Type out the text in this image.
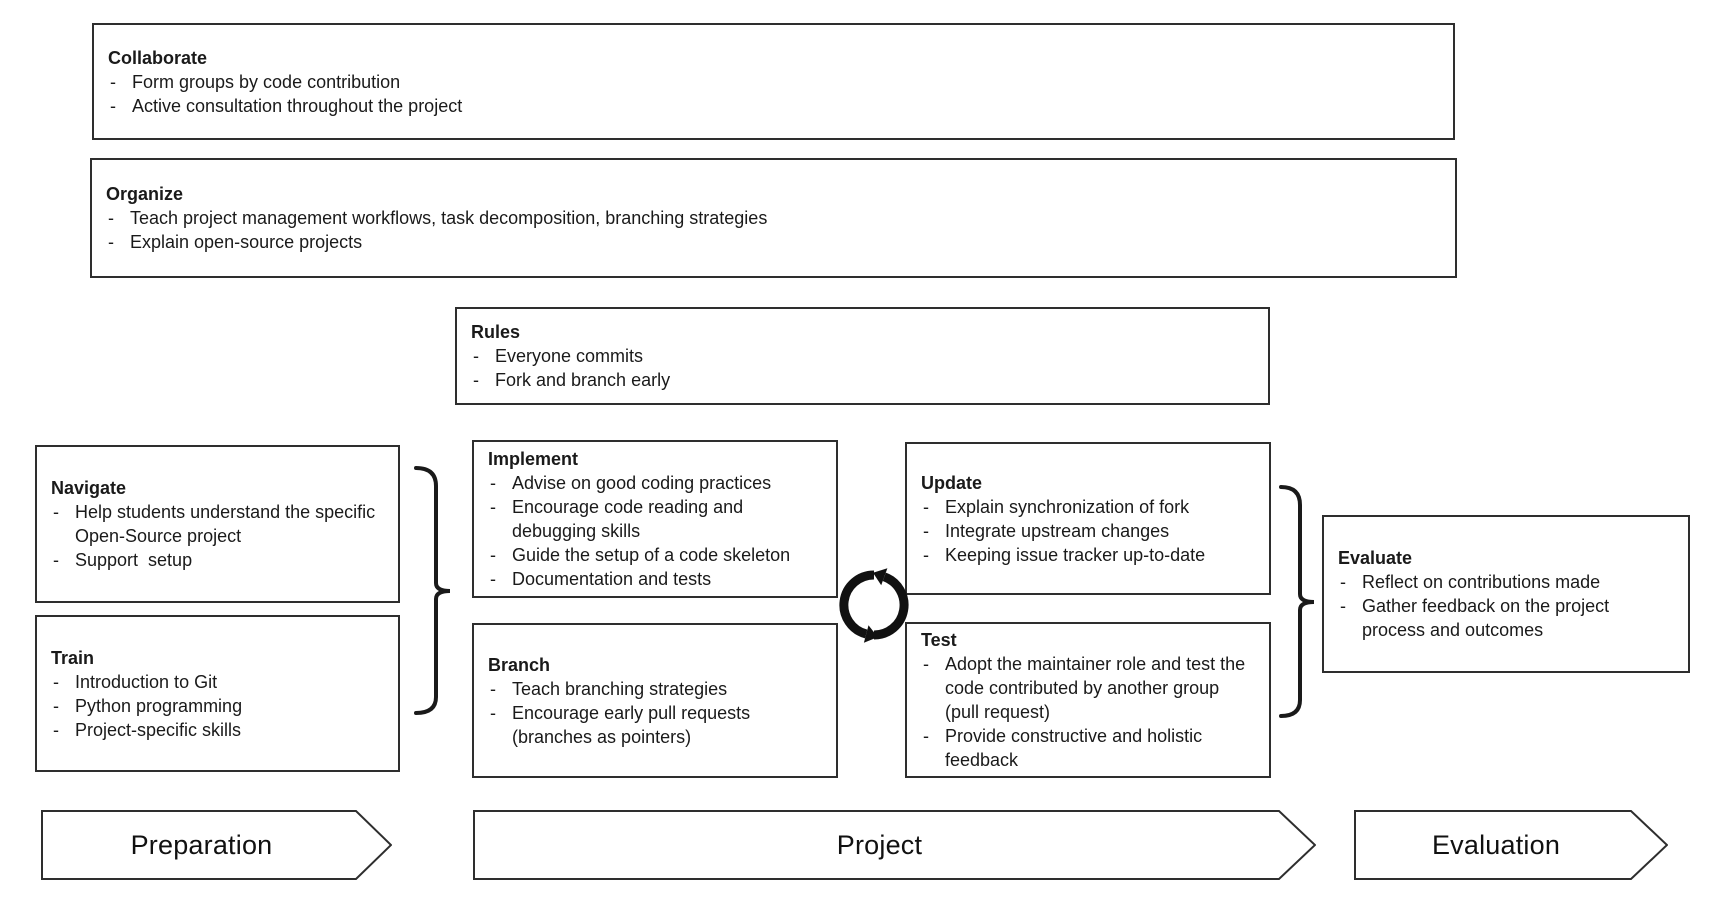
Collaborate
- Form groups by code contribution
- Active consultation throughout the project
Organize
- Teach project management workflows, task decomposition, branching strategies
- Explain open-source projects
Rules
- Everyone commits
- Fork and branch early
Navigate
- Help students understand the specific Open-Source project
- Support  setup
Train
- Introduction to Git
- Python programming
- Project-specific skills
Implement
- Advise on good coding practices
- Encourage code reading and debugging skills
- Guide the setup of a code skeleton
- Documentation and tests
Branch
- Teach branching strategies
- Encourage early pull requests (branches as pointers)
Update
- Explain synchronization of fork
- Integrate upstream changes
- Keeping issue tracker up-to-date
Test
- Adopt the maintainer role and test the code contributed by another group (pull request)
- Provide constructive and holistic feedback
Evaluate
- Reflect on contributions made
- Gather feedback on the project process and outcomes
Preparation	Project	Evaluation
